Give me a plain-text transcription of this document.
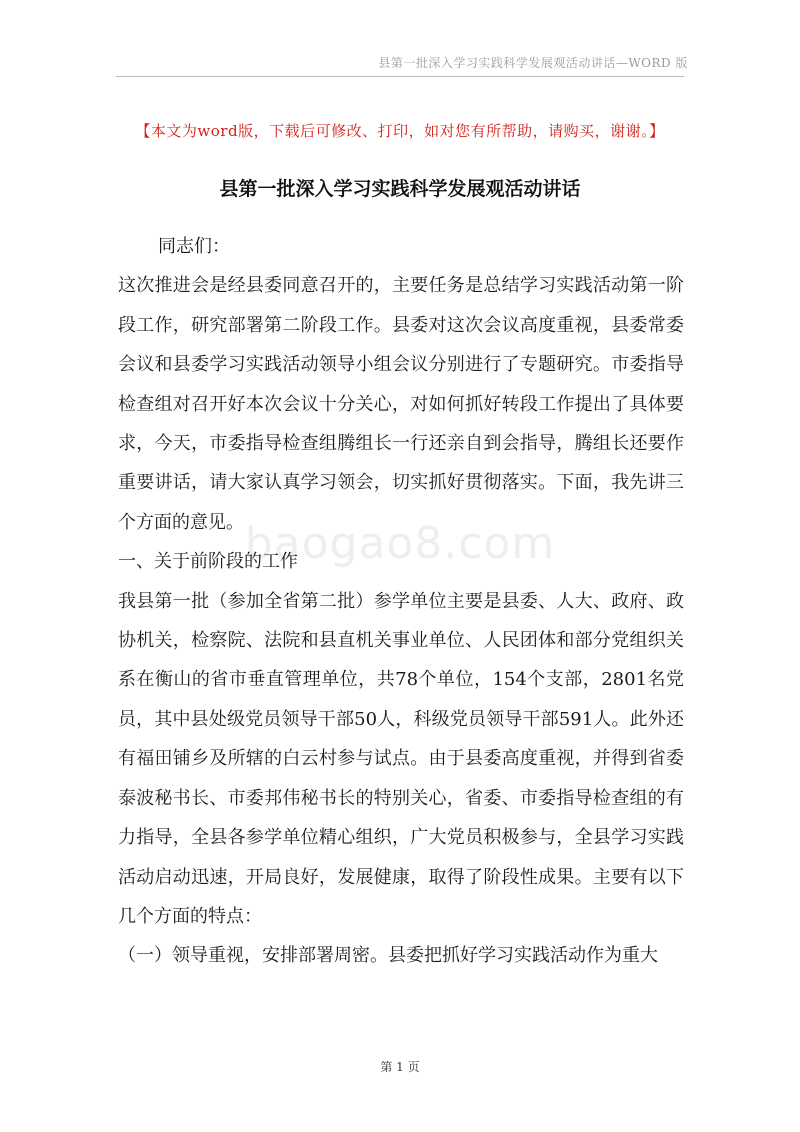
县第一批深入学习实践科学发展观活动讲话—WORD 版
【本文为word版，下载后可修改、打印，如对您有所帮助，请购买，谢谢。】
县第一批深入学习实践科学发展观活动讲话
baogao8.com

同志们：

这次推进会是经县委同意召开的，主要任务是总结学习实践活动第一阶段工作，研究部署第二阶段工作。县委对这次会议高度重视，县委常委会议和县委学习实践活动领导小组会议分别进行了专题研究。市委指导检查组对召开好本次会议十分关心，对如何抓好转段工作提出了具体要求，今天，市委指导检查组腾组长一行还亲自到会指导，腾组长还要作重要讲话，请大家认真学习领会，切实抓好贯彻落实。下面，我先讲三个方面的意见。

一、关于前阶段的工作

我县第一批（参加全省第二批）参学单位主要是县委、人大、政府、政协机关，检察院、法院和县直机关事业单位、人民团体和部分党组织关系在衡山的省市垂直管理单位，共78个单位，154个支部，2801名党员，其中县处级党员领导干部50人，科级党员领导干部591人。此外还有福田铺乡及所辖的白云村参与试点。由于县委高度重视，并得到省委泰波秘书长、市委邦伟秘书长的特别关心，省委、市委指导检查组的有力指导，全县各参学单位精心组织，广大党员积极参与，全县学习实践活动启动迅速，开局良好，发展健康，取得了阶段性成果。主要有以下几个方面的特点：

（一）领导重视，安排部署周密。县委把抓好学习实践活动作为重大

第 1 页
